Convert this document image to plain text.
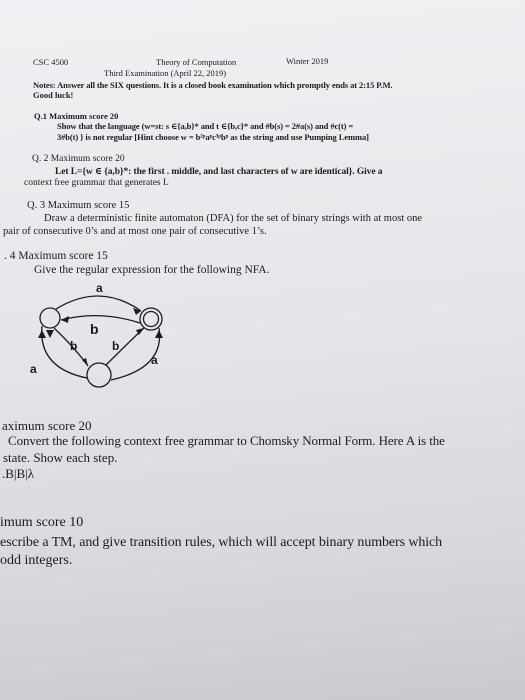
CSC 4500	Theory of Computation	Winter 2019
Third Examination (April 22, 2019)
Notes: Answer all the SIX questions. It is a closed book examination which promptly ends at 2:15 P.M.
Good luck!
Q.1 Maximum score 20
Show that the language (w=st: s ∈{a,b}* and t ∈{b,c}* and #b(s) = 2#a(s) and #c(t) =
3#b(t) } is not regular [Hint choose w = b²ᵖaᵖc³ᵖbᵖ as the string and use Pumping Lemma]
Q. 2 Maximum score 20
Let L={w ∈ {a,b}*: the first . middle, and last characters of w are identical}. Give a
context free grammar that generates L
Q. 3 Maximum score 15
Draw a deterministic finite automaton (DFA) for the set of binary strings with at most one
pair of consecutive 0’s and at most one pair of consecutive 1’s.
. 4 Maximum score 15
Give the regular expression for the following NFA.
a
b
b	b
a
a
aximum score 20
Convert the following context free grammar to Chomsky Normal Form. Here A is the
state. Show each step.
.B|B|λ
imum score 10
escribe a TM, and give transition rules, which will accept binary numbers which
odd integers.
